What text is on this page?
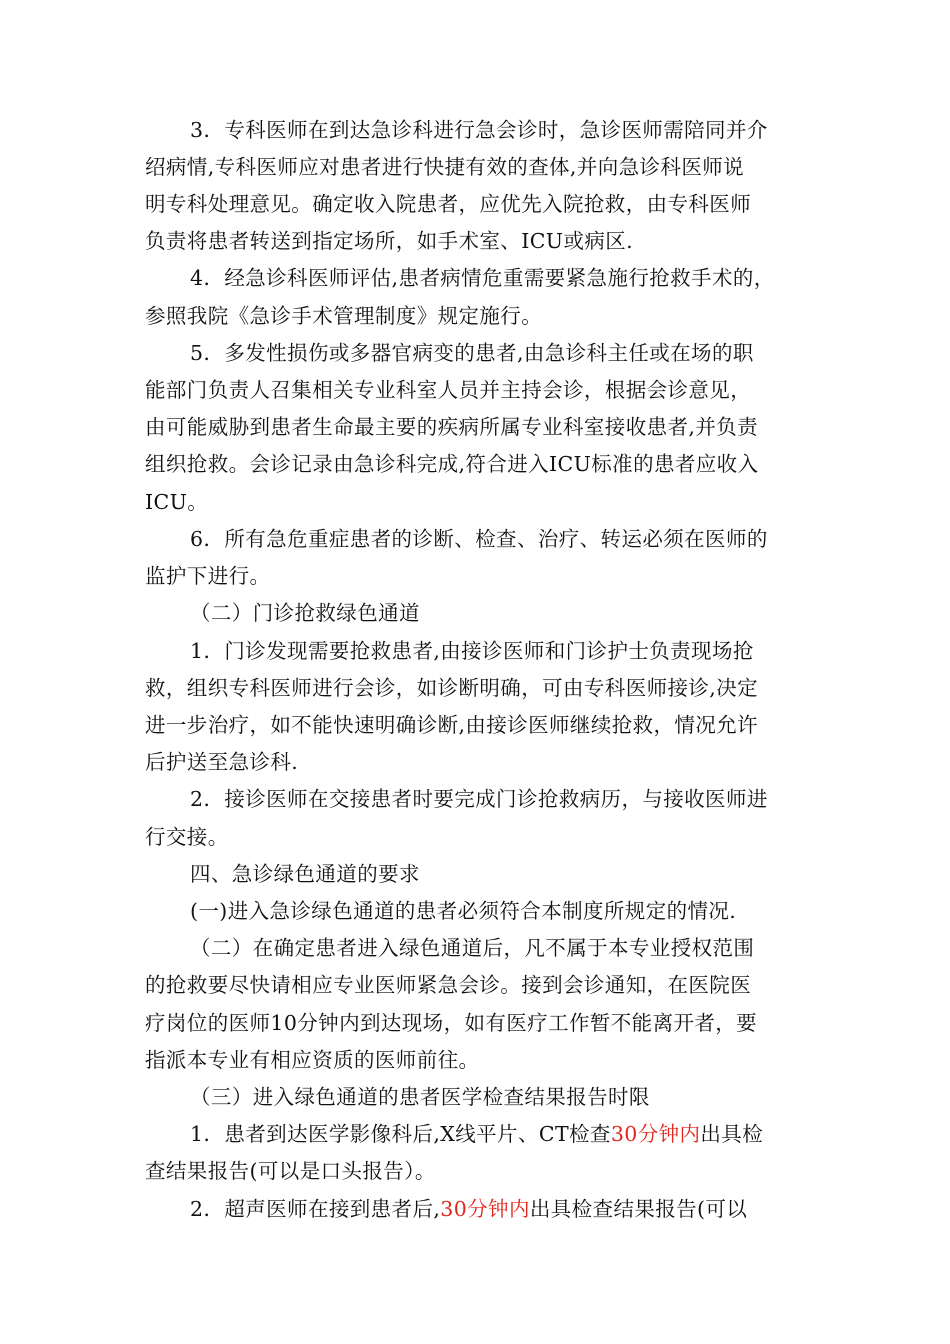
3．专科医师在到达急诊科进行急会诊时，急诊医师需陪同并介
绍病情,专科医师应对患者进行快捷有效的查体,并向急诊科医师说
明专科处理意见。确定收入院患者，应优先入院抢救，由专科医师
负责将患者转送到指定场所，如手术室、ICU或病区.
4．经急诊科医师评估,患者病情危重需要紧急施行抢救手术的，
参照我院《急诊手术管理制度》规定施行。
5．多发性损伤或多器官病变的患者,由急诊科主任或在场的职
能部门负责人召集相关专业科室人员并主持会诊，根据会诊意见，
由可能威胁到患者生命最主要的疾病所属专业科室接收患者,并负责
组织抢救。会诊记录由急诊科完成,符合进入ICU标准的患者应收入
ICU。
6．所有急危重症患者的诊断、检查、治疗、转运必须在医师的
监护下进行。
（二）门诊抢救绿色通道
1．门诊发现需要抢救患者,由接诊医师和门诊护士负责现场抢
救，组织专科医师进行会诊，如诊断明确，可由专科医师接诊,决定
进一步治疗，如不能快速明确诊断,由接诊医师继续抢救，情况允许
后护送至急诊科.
2．接诊医师在交接患者时要完成门诊抢救病历，与接收医师进
行交接。
四、急诊绿色通道的要求
(一)进入急诊绿色通道的患者必须符合本制度所规定的情况.
（二）在确定患者进入绿色通道后，凡不属于本专业授权范围
的抢救要尽快请相应专业医师紧急会诊。接到会诊通知，在医院医
疗岗位的医师10分钟内到达现场，如有医疗工作暂不能离开者，要
指派本专业有相应资质的医师前往。
（三）进入绿色通道的患者医学检查结果报告时限
1．患者到达医学影像科后,X线平片、CT检查30分钟内出具检
查结果报告(可以是口头报告）。
2．超声医师在接到患者后,30分钟内出具检查结果报告(可以
